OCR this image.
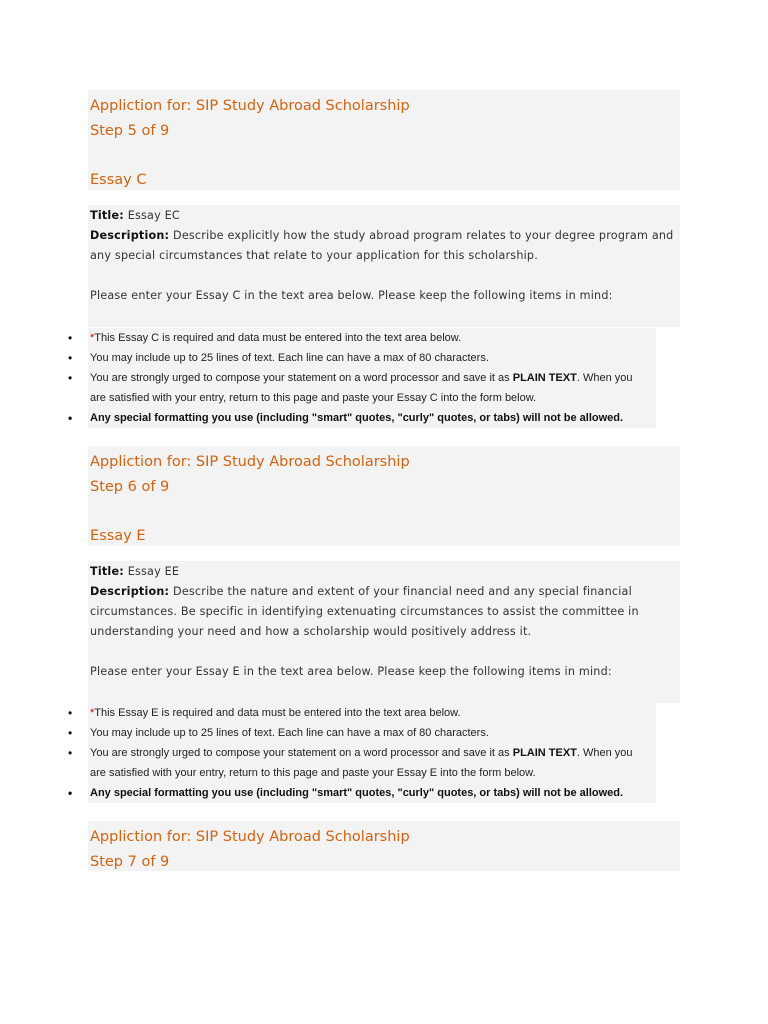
Appliction for: SIP Study Abroad Scholarship
Step 5 of 9
Essay C
Title: Essay EC
Description: Describe explicitly how the study abroad program relates to your degree program and any special circumstances that relate to your application for this scholarship.
Please enter your Essay C in the text area below. Please keep the following items in mind:
• *This Essay C is required and data must be entered into the text area below.
• You may include up to 25 lines of text. Each line can have a max of 80 characters.
• You are strongly urged to compose your statement on a word processor and save it as PLAIN TEXT. When you are satisfied with your entry, return to this page and paste your Essay C into the form below.
• Any special formatting you use (including "smart" quotes, "curly" quotes, or tabs) will not be allowed.
Appliction for: SIP Study Abroad Scholarship
Step 6 of 9
Essay E
Title: Essay EE
Description: Describe the nature and extent of your financial need and any special financial circumstances. Be specific in identifying extenuating circumstances to assist the committee in understanding your need and how a scholarship would positively address it.
Please enter your Essay E in the text area below. Please keep the following items in mind:
• *This Essay E is required and data must be entered into the text area below.
• You may include up to 25 lines of text. Each line can have a max of 80 characters.
• You are strongly urged to compose your statement on a word processor and save it as PLAIN TEXT. When you are satisfied with your entry, return to this page and paste your Essay E into the form below.
• Any special formatting you use (including "smart" quotes, "curly" quotes, or tabs) will not be allowed.
Appliction for: SIP Study Abroad Scholarship
Step 7 of 9
